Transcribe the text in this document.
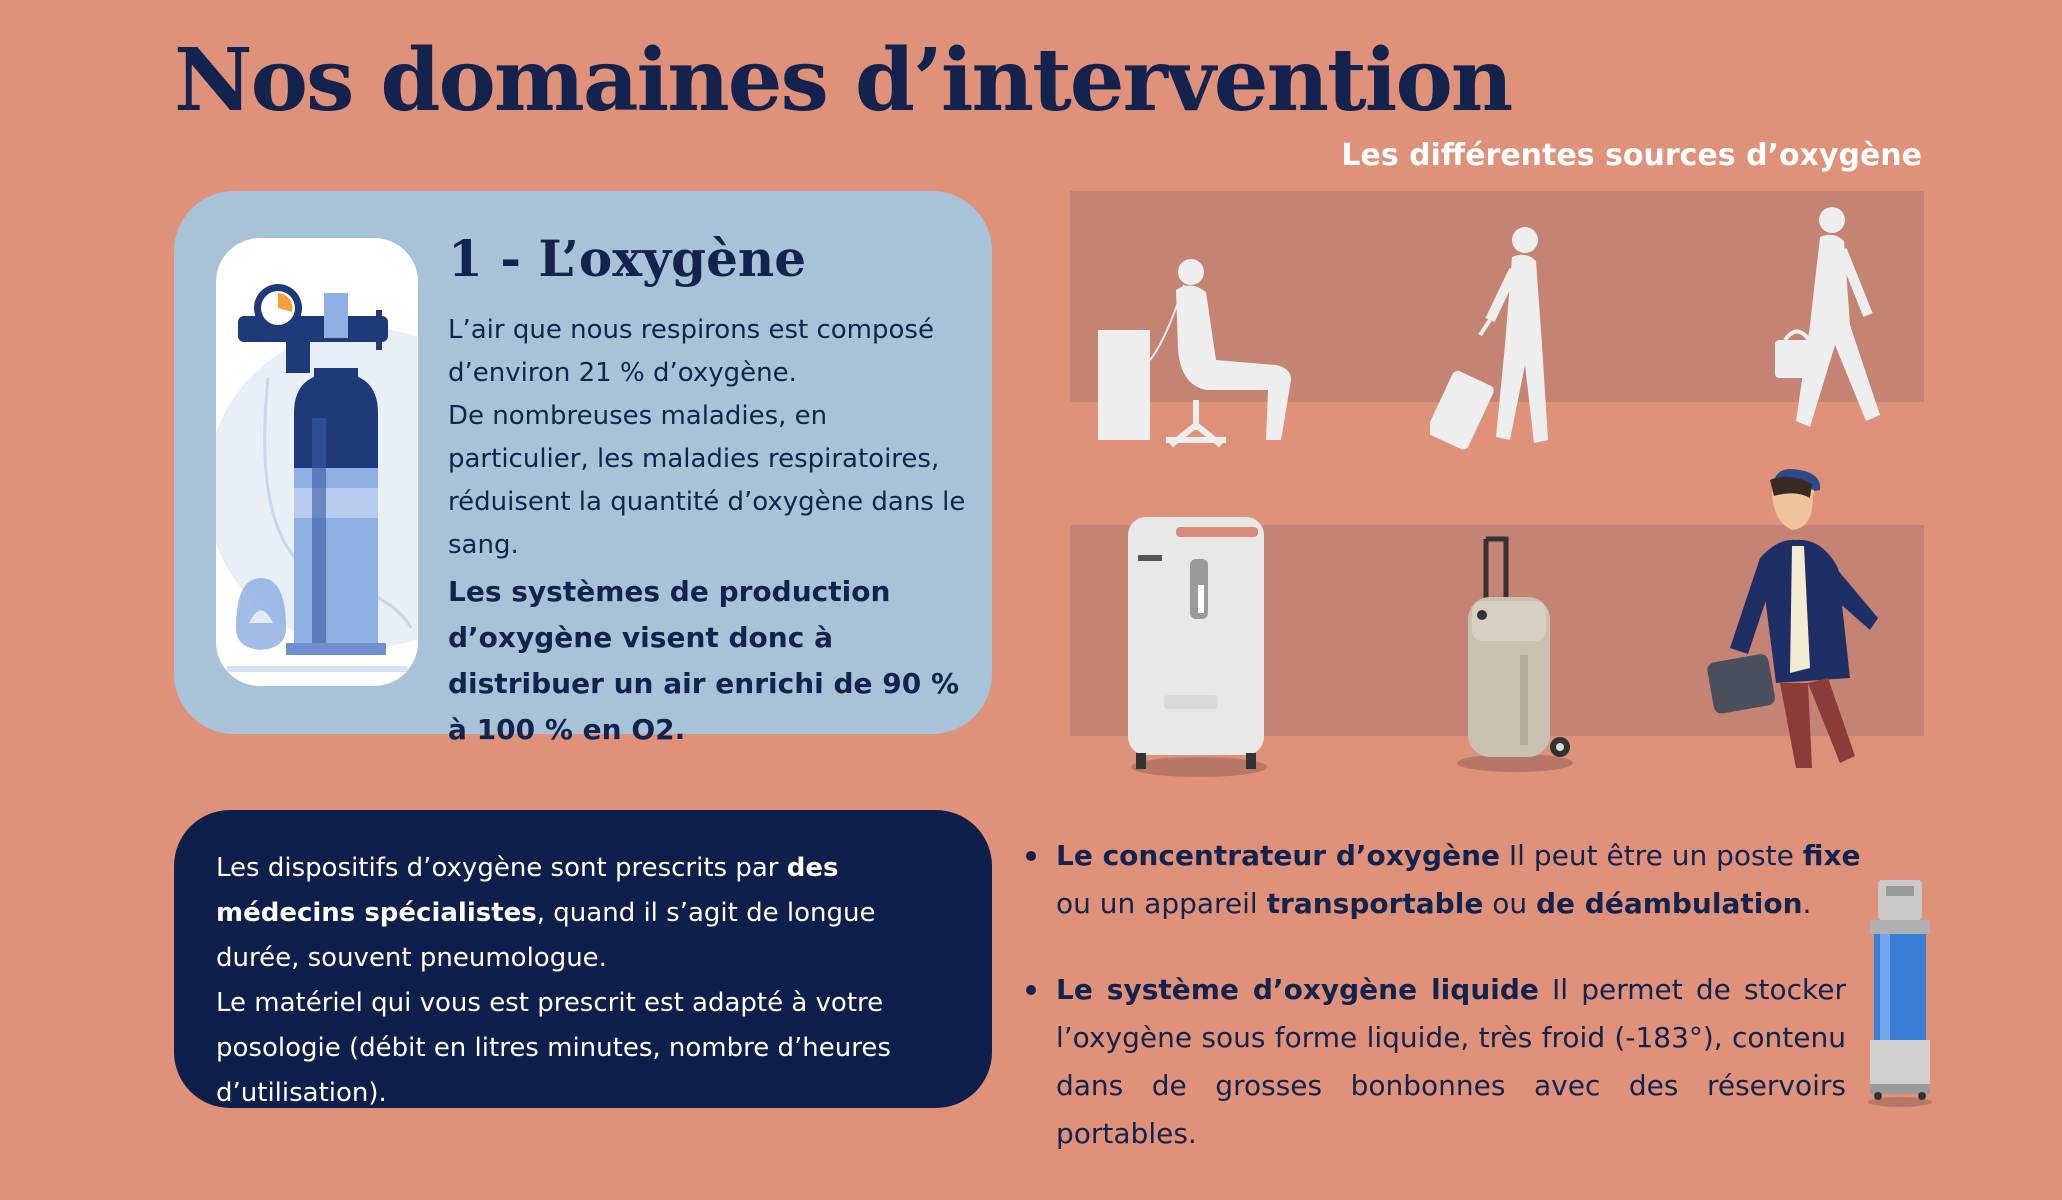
Nos domaines d’intervention
Les différentes sources d’oxygène
1 - L’oxygène

L’air que nous respirons est composé d’environ 21 % d’oxygène.

De nombreuses maladies, en particulier, les maladies respiratoires, réduisent la quantité d’oxygène dans le sang.

Les systèmes de production d’oxygène visent donc à distribuer un air enrichi de 90 % à 100 % en O2.

Les dispositifs d’oxygène sont prescrits par des médecins spécialistes, quand il s’agit de longue durée, souvent pneumologue.

Le matériel qui vous est prescrit est adapté à votre posologie (débit en litres minutes, nombre d’heures d’utilisation).

Le concentrateur d’oxygène Il peut être un poste fixe ou un appareil transportable ou de déambulation.
Le système d’oxygène liquide Il permet de stocker l’oxygène sous forme liquide, très froid (-183°), contenu dans de grosses bonbonnes avec des réservoirs portables.
